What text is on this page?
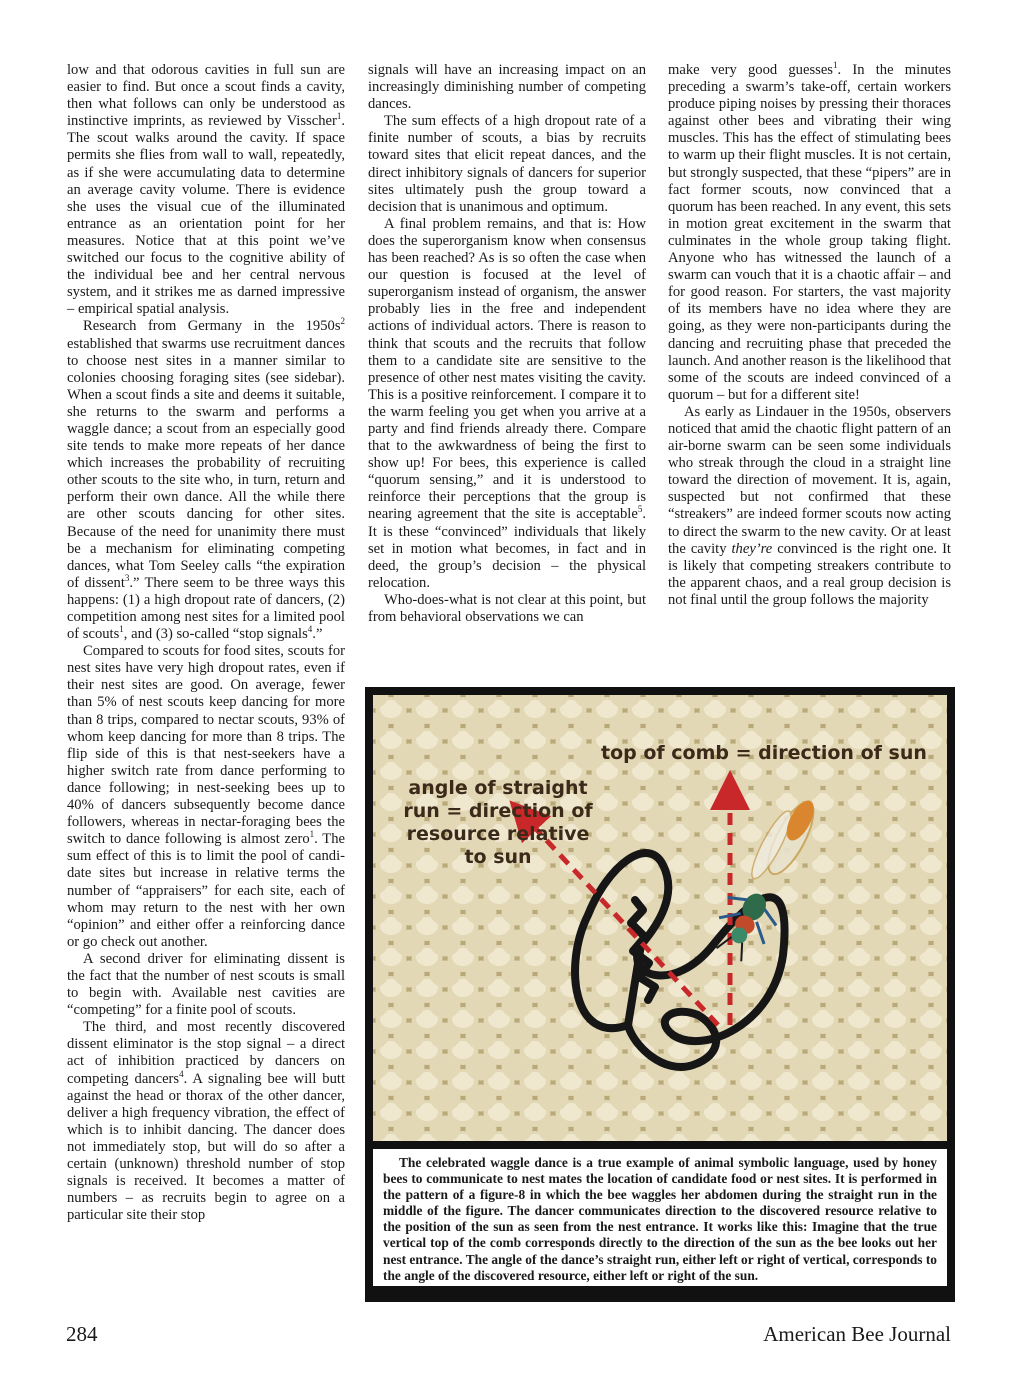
low and that odorous cavities in full sun are easier to find. But once a scout finds a cavity, then what follows can only be understood as instinctive imprints, as reviewed by Visscher$^1$. The scout walks around the cavity. If space permits she flies from wall to wall, repeatedly, as if she were accumulating data to determine an average cavity volume. There is evidence she uses the visual cue of the illuminated entrance as an orientation point for her measures. Notice that at this point we’ve switched our focus to the cognitive ability of the individual bee and her central nervous system, and it strikes me as darned impressive – empirical spatial analysis.

Research from Germany in the $1950s^2$ established that swarms use recruitment dances to choose nest sites in a manner similar to colonies choosing foraging sites (see sidebar). When a scout finds a site and deems it suitable, she returns to the swarm and performs a waggle dance; a scout from an especially good site tends to make more repeats of her dance which increases the probability of recruiting other scouts to the site who, in turn, return and perform their own dance. All the while there are other scouts dancing for other sites. Because of the need for unanimity there must be a mechanism for eliminating competing dances, what Tom Seeley calls “the expiration of dissent$^3$.” There seem to be three ways this happens: (1) a high dropout rate of dancers, (2) competition among nest sites for a limited pool of scouts$^1$, and (3) so-called “stop signals$^4$.”

Compared to scouts for food sites, scouts for nest sites have very high dropout rates, even if their nest sites are good. On average, fewer than 5% of nest scouts keep dancing for more than 8 trips, compared to nectar scouts, 93% of whom keep dancing for more than 8 trips. The flip side of this is that nest-seekers have a higher switch rate from dance performing to dance following; in nest-seeking bees up to 40% of dancers subsequently become dance followers, whereas in nectar-foraging bees the switch to dance following is almost zero$^1$. The sum effect of this is to limit the pool of candidate sites but increase in relative terms the number of “appraisers” for each site, each of whom may return to the nest with her own “opinion” and either offer a reinforcing dance or go check out another.

A second driver for eliminating dissent is the fact that the number of nest scouts is small to begin with. Available nest cavities are “competing” for a finite pool of scouts.

The third, and most recently discovered dissent eliminator is the stop signal – a direct act of inhibition practiced by dancers on competing dancers$^4$. A signaling bee will butt against the head or thorax of the other dancer, deliver a high frequency vibration, the effect of which is to inhibit dancing. The dancer does not immediately stop, but will do so after a certain (unknown) threshold number of stop signals is received. It becomes a matter of numbers – as recruits begin to agree on a particular site their stop

signals will have an increasing impact on an increasingly diminishing number of competing dances.

The sum effects of a high dropout rate of a finite number of scouts, a bias by recruits toward sites that elicit repeat dances, and the direct inhibitory signals of dancers for superior sites ultimately push the group toward a decision that is unanimous and optimum.

A final problem remains, and that is: How does the superorganism know when consensus has been reached? As is so often the case when our question is focused at the level of superorganism instead of organism, the answer probably lies in the free and independent actions of individual actors. There is reason to think that scouts and the recruits that follow them to a candidate site are sensitive to the presence of other nest mates visiting the cavity. This is a positive reinforcement. I compare it to the warm feeling you get when you arrive at a party and find friends already there. Compare that to the awkwardness of being the first to show up! For bees, this experience is called “quorum sensing,” and it is understood to reinforce their perceptions that the group is nearing agreement that the site is acceptable$^5$. It is these “convinced” individuals that likely set in motion what becomes, in fact and in deed, the group’s decision – the physical relocation.

Who-does-what is not clear at this point, but from behavioral observations we can

make very good guesses$^1$. In the minutes preceding a swarm’s take-off, certain workers produce piping noises by pressing their thoraces against other bees and vibrating their wing muscles. This has the effect of stimulating bees to warm up their flight muscles. It is not certain, but strongly suspected, that these “pipers” are in fact former scouts, now convinced that a quorum has been reached. In any event, this sets in motion great excitement in the swarm that culminates in the whole group taking flight. Anyone who has witnessed the launch of a swarm can vouch that it is a chaotic affair – and for good reason. For starters, the vast majority of its members have no idea where they are going, as they were non-participants during the dancing and recruiting phase that preceded the launch. And another reason is the likelihood that some of the scouts are indeed convinced of a quorum – but for a different site!

As early as Lindauer in the 1950s, observers noticed that amid the chaotic flight pattern of an air-borne swarm can be seen some individuals who streak through the cloud in a straight line toward the direction of movement. It is, again, suspected but not confirmed that these “streakers” are indeed former scouts now acting to direct the swarm to the new cavity. Or at least the cavity they’re convinced is the right one. It is likely that competing streakers contribute to the apparent chaos, and a real group decision is not final until the group follows the majority

top of comb = direction of sun
angle of straight run = direction of resource relative to sun

The celebrated waggle dance is a true example of animal symbolic language, used by honey bees to communicate to nest mates the location of candidate food or nest sites. It is performed in the pattern of a figure-8 in which the bee waggles her abdomen during the straight run in the middle of the figure. The dancer communicates direction to the discovered resource relative to the position of the sun as seen from the nest entrance. It works like this: Imagine that the true vertical top of the comb corresponds directly to the direction of the sun as the bee looks out her nest entrance. The angle of the dance’s straight run, either left or right of vertical, corresponds to the angle of the discovered resource, either left or right of the sun.

284	American Bee Journal
